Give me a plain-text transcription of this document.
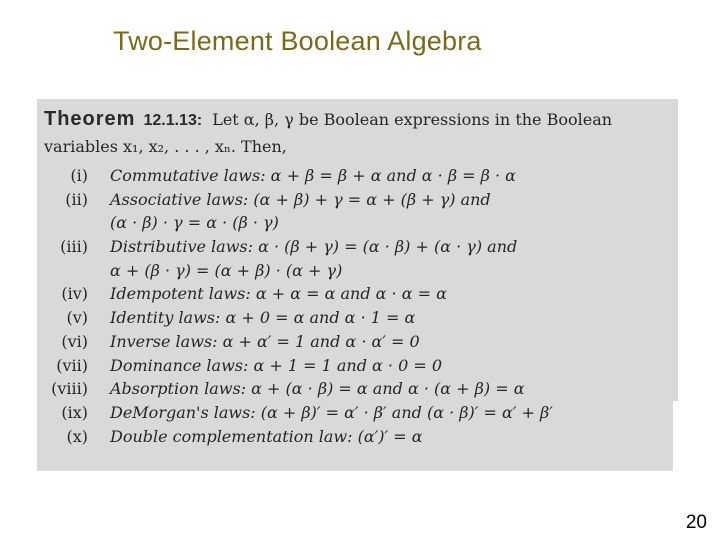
Two-Element Boolean Algebra
Theorem 12.1.13: Let α, β, γ be Boolean expressions in the Boolean
variables x₁, x₂, . . . , xₙ. Then,
(i)	Commutative laws: α + β = β + α and α · β = β · α
(ii)	Associative laws: (α + β) + γ = α + (β + γ) and
(α · β) · γ = α · (β · γ)
(iii)	Distributive laws: α · (β + γ) = (α · β) + (α · γ) and
α + (β · γ) = (α + β) · (α + γ)
(iv)	Idempotent laws: α + α = α and α · α = α
(v)	Identity laws: α + 0 = α and α · 1 = α
(vi)	Inverse laws: α + α′ = 1 and α · α′ = 0
(vii)	Dominance laws: α + 1 = 1 and α · 0 = 0
(viii)	Absorption laws: α + (α · β) = α and α · (α + β) = α
(ix)	DeMorgan's laws: (α + β)′ = α′ · β′ and (α · β)′ = α′ + β′
(x)	Double complementation law: (α′)′ = α
20
